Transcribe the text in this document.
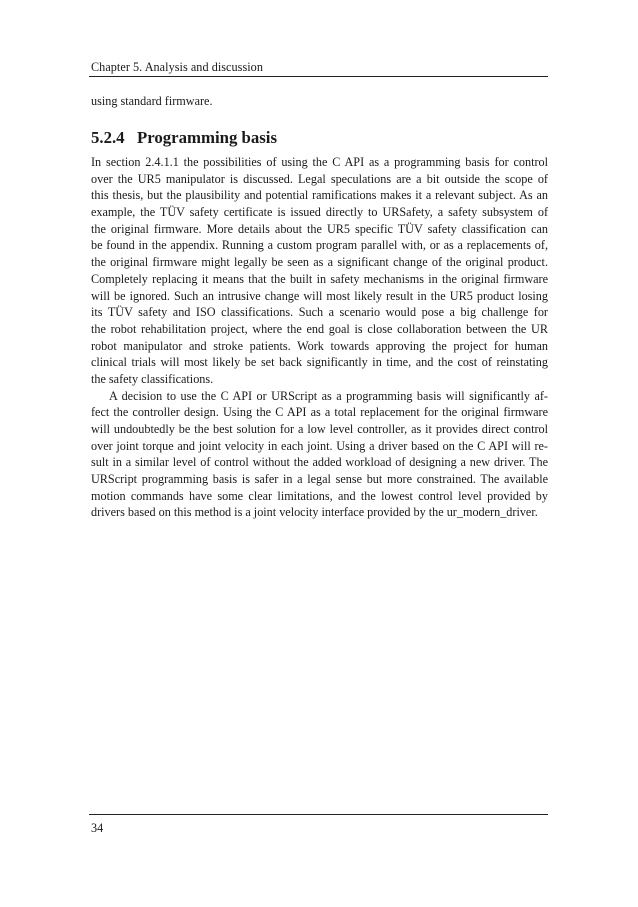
Chapter 5. Analysis and discussion
using standard firmware.
5.2.4 Programming basis
In section 2.4.1.1 the possibilities of using the C API as a programming basis for control
over the UR5 manipulator is discussed. Legal speculations are a bit outside the scope of
this thesis, but the plausibility and potential ramifications makes it a relevant subject. As an
example, the TÜV safety certificate is issued directly to URSafety, a safety subsystem of
the original firmware. More details about the UR5 specific TÜV safety classification can
be found in the appendix. Running a custom program parallel with, or as a replacements of,
the original firmware might legally be seen as a significant change of the original product.
Completely replacing it means that the built in safety mechanisms in the original firmware
will be ignored. Such an intrusive change will most likely result in the UR5 product losing
its TÜV safety and ISO classifications. Such a scenario would pose a big challenge for
the robot rehabilitation project, where the end goal is close collaboration between the UR
robot manipulator and stroke patients. Work towards approving the project for human
clinical trials will most likely be set back significantly in time, and the cost of reinstating
the safety classifications.
A decision to use the C API or URScript as a programming basis will significantly af-
fect the controller design. Using the C API as a total replacement for the original firmware
will undoubtedly be the best solution for a low level controller, as it provides direct control
over joint torque and joint velocity in each joint. Using a driver based on the C API will re-
sult in a similar level of control without the added workload of designing a new driver. The
URScript programming basis is safer in a legal sense but more constrained. The available
motion commands have some clear limitations, and the lowest control level provided by
drivers based on this method is a joint velocity interface provided by the ur_modern_driver.
34
